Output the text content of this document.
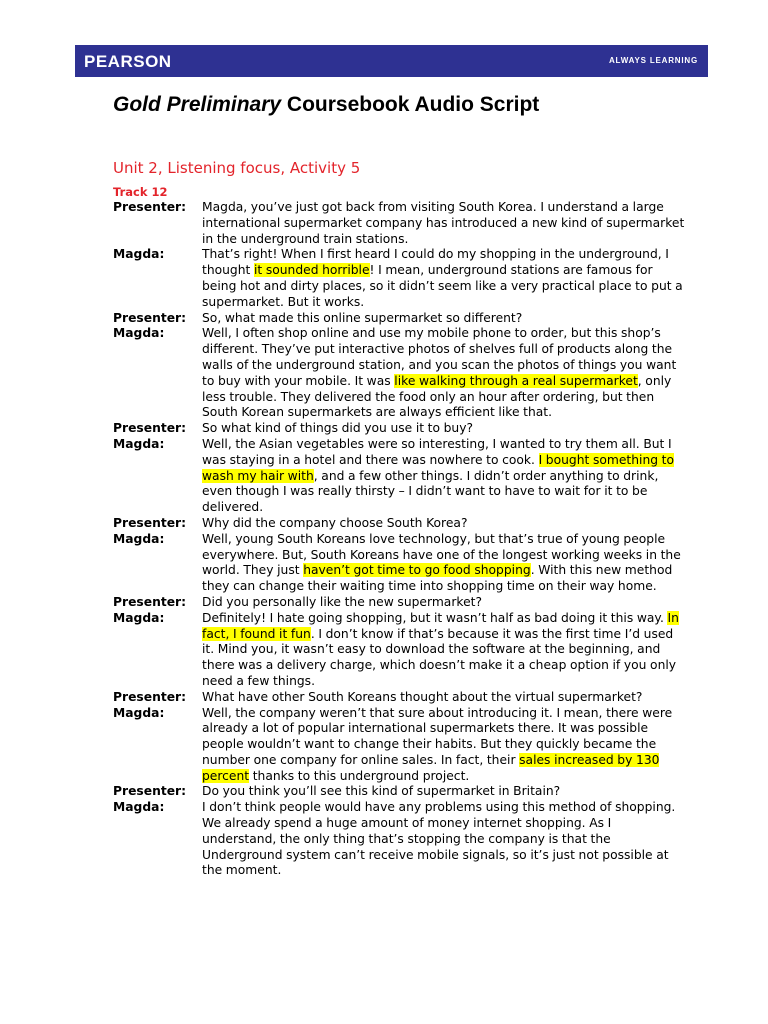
PEARSON	ALWAYS LEARNING
Gold Preliminary Coursebook Audio Script
Unit 2, Listening focus, Activity 5
Track 12
Presenter:	Magda, you’ve just got back from visiting South Korea. I understand a large
international supermarket company has introduced a new kind of supermarket
in the underground train stations.
Magda:	That’s right! When I first heard I could do my shopping in the underground, I
thought it sounded horrible! I mean, underground stations are famous for
being hot and dirty places, so it didn’t seem like a very practical place to put a
supermarket. But it works.
Presenter:	So, what made this online supermarket so different?
Magda:	Well, I often shop online and use my mobile phone to order, but this shop’s
different. They’ve put interactive photos of shelves full of products along the
walls of the underground station, and you scan the photos of things you want
to buy with your mobile. It was like walking through a real supermarket, only
less trouble. They delivered the food only an hour after ordering, but then
South Korean supermarkets are always efficient like that.
Presenter:	So what kind of things did you use it to buy?
Magda:	Well, the Asian vegetables were so interesting, I wanted to try them all. But I
was staying in a hotel and there was nowhere to cook. I bought something to
wash my hair with, and a few other things. I didn’t order anything to drink,
even though I was really thirsty – I didn’t want to have to wait for it to be
delivered.
Presenter:	Why did the company choose South Korea?
Magda:	Well, young South Koreans love technology, but that’s true of young people
everywhere. But, South Koreans have one of the longest working weeks in the
world. They just haven’t got time to go food shopping. With this new method
they can change their waiting time into shopping time on their way home.
Presenter:	Did you personally like the new supermarket?
Magda:	Definitely! I hate going shopping, but it wasn’t half as bad doing it this way. In
fact, I found it fun. I don’t know if that’s because it was the first time I’d used
it. Mind you, it wasn’t easy to download the software at the beginning, and
there was a delivery charge, which doesn’t make it a cheap option if you only
need a few things.
Presenter:	What have other South Koreans thought about the virtual supermarket?
Magda:	Well, the company weren’t that sure about introducing it. I mean, there were
already a lot of popular international supermarkets there. It was possible
people wouldn’t want to change their habits. But they quickly became the
number one company for online sales. In fact, their sales increased by 130
percent thanks to this underground project.
Presenter:	Do you think you’ll see this kind of supermarket in Britain?
Magda:	I don’t think people would have any problems using this method of shopping.
We already spend a huge amount of money internet shopping. As I
understand, the only thing that’s stopping the company is that the
Underground system can’t receive mobile signals, so it’s just not possible at
the moment.
